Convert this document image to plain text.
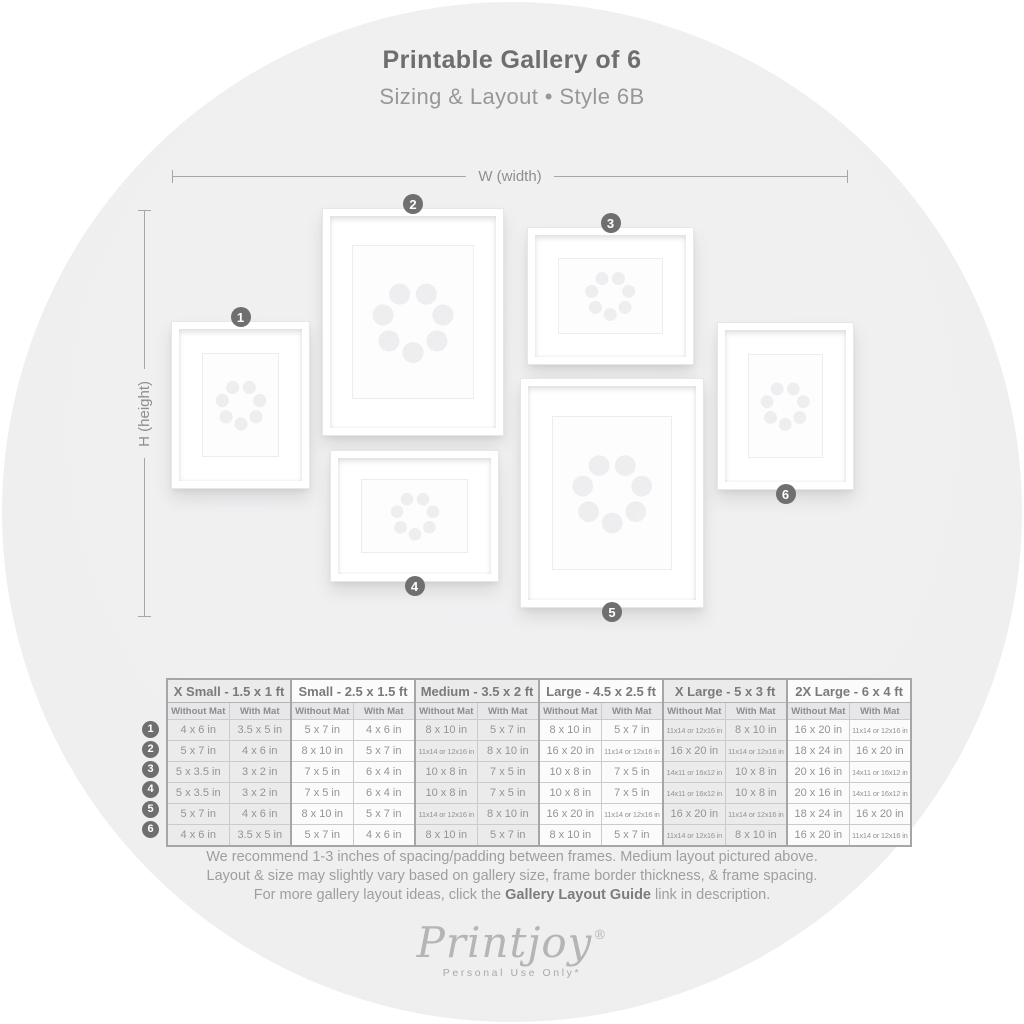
Printable Gallery of 6
Sizing & Layout • Style 6B
W (width)
H (height)
1
2
3
4
5
6
1
2
3
4
5
6
X Small - 1.5 x 1 ft		Small - 2.5 x 1.5 ft		Medium - 3.5 x 2 ft		Large - 4.5 x 2.5 ft		X Large - 5 x 3 ft		2X Large - 6 x 4 ft	
Without Mat	With Mat	Without Mat	With Mat	Without Mat	With Mat	Without Mat	With Mat	Without Mat	With Mat	Without Mat	With Mat
4 x 6 in	3.5 x 5 in	5 x 7 in	4 x 6 in	8 x 10 in	5 x 7 in	8 x 10 in	5 x 7 in	11x14 or 12x16 in	8 x 10 in	16 x 20 in	11x14 or 12x16 in
5 x 7 in	4 x 6 in	8 x 10 in	5 x 7 in	11x14 or 12x16 in	8 x 10 in	16 x 20 in	11x14 or 12x16 in	16 x 20 in	11x14 or 12x16 in	18 x 24 in	16 x 20 in
5 x 3.5 in	3 x 2 in	7 x 5 in	6 x 4 in	10 x 8 in	7 x 5 in	10 x 8 in	7 x 5 in	14x11 or 16x12 in	10 x 8 in	20 x 16 in	14x11 or 16x12 in
5 x 3.5 in	3 x 2 in	7 x 5 in	6 x 4 in	10 x 8 in	7 x 5 in	10 x 8 in	7 x 5 in	14x11 or 16x12 in	10 x 8 in	20 x 16 in	14x11 or 16x12 in
5 x 7 in	4 x 6 in	8 x 10 in	5 x 7 in	11x14 or 12x16 in	8 x 10 in	16 x 20 in	11x14 or 12x16 in	16 x 20 in	11x14 or 12x16 in	18 x 24 in	16 x 20 in
4 x 6 in	3.5 x 5 in	5 x 7 in	4 x 6 in	8 x 10 in	5 x 7 in	8 x 10 in	5 x 7 in	11x14 or 12x16 in	8 x 10 in	16 x 20 in	11x14 or 12x16 in
We recommend 1-3 inches of spacing/padding between frames. Medium layout pictured above.
Layout & size may slightly vary based on gallery size, frame border thickness, & frame spacing.
For more gallery layout ideas, click the Gallery Layout Guide link in description.
Printjoy®
Personal Use Only*
